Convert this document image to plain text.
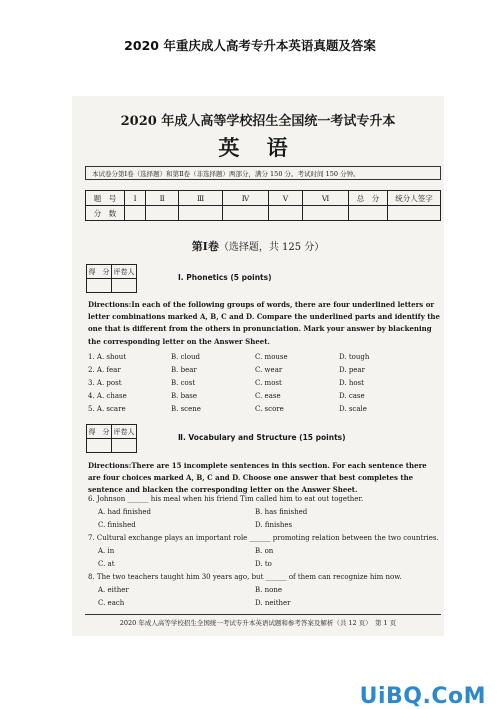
2020 年重庆成人高考专升本英语真题及答案
2020 年成人高等学校招生全国统一考试专升本
英 语
本试卷分第Ⅰ卷（选择题）和第Ⅱ卷（非选择题）两部分，满分 150 分。考试时间 150 分钟。
题　号	Ⅰ	Ⅱ	Ⅲ	Ⅳ	Ⅴ	Ⅵ	总　分	统分人签字
分　数								
第Ⅰ卷（选择题，共 125 分）
得　分	评卷人

Ⅰ. Phonetics (5 points)
Directions: In each of the following groups of words, there are four underlined letters or letter combinations marked A, B, C and D. Compare the underlined parts and identify the one that is different from the others in pronunciation. Mark your answer by blackening the corresponding letter on the Answer Sheet.
1. A. shout	B. cloud	C. mouse	D. tough
2. A. fear	B. bear	C. wear	D. pear
3. A. post	B. cost	C. most	D. host
4. A. chase	B. base	C. ease	D. case
5. A. scare	B. scene	C. score	D. scale
得　分	评卷人

Ⅱ. Vocabulary and Structure (15 points)
Directions: There are 15 incomplete sentences in this section. For each sentence there are four choices marked A, B, C and D. Choose one answer that best completes the sentence and blacken the corresponding letter on the Answer Sheet.
6. Johnson ______ his meal when his friend Tim called him to eat out together.
A. had finished	B. has finished
C. finished	D. finishes
7. Cultural exchange plays an important role ______ promoting relation between the two countries.
A. in	B. on
C. at	D. to
8. The two teachers taught him 30 years ago, but ______ of them can recognize him now.
A. either	B. none
C. each	D. neither
2020 年成人高等学校招生全国统一考试专升本英语试题和参考答案及解析（共 12 页）　第 1 页
UiBQ.CoM
